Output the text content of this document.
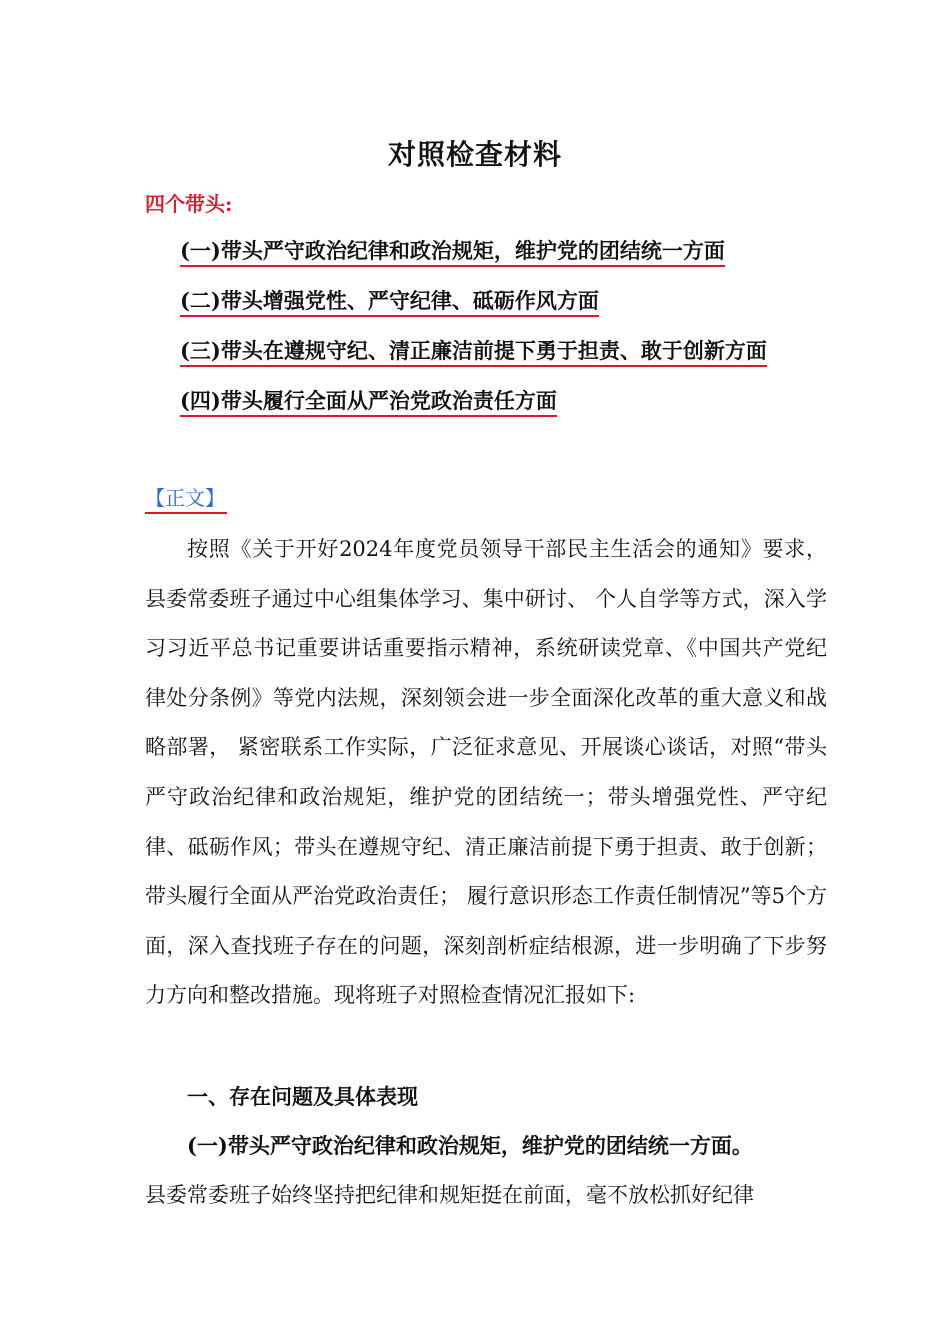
对照检查材料

四个带头:

(一)带头严守政治纪律和政治规矩，维护党的团结统一方面
(二)带头增强党性、严守纪律、砥砺作风方面
(三)带头在遵规守纪、清正廉洁前提下勇于担责、敢于创新方面
(四)带头履行全面从严治党政治责任方面

【正文】

按照《关于开好2024年度党员领导干部民主生活会的通知》要求，县委常委班子通过中心组集体学习、集中研讨、 个人自学等方式，深入学习习近平总书记重要讲话重要指示精神，系统研读党章、《中国共产党纪律处分条例》等党内法规，深刻领会进一步全面深化改革的重大意义和战略部署， 紧密联系工作实际，广泛征求意见、开展谈心谈话，对照“带头严守政治纪律和政治规矩，维护党的团结统一；带头增强党性、严守纪律、砥砺作风；带头在遵规守纪、清正廉洁前提下勇于担责、敢于创新；带头履行全面从严治党政治责任； 履行意识形态工作责任制情况”等5个方面，深入查找班子存在的问题，深刻剖析症结根源，进一步明确了下步努力方向和整改措施。现将班子对照检查情况汇报如下:

一、存在问题及具体表现

(一)带头严守政治纪律和政治规矩，维护党的团结统一方面。

县委常委班子始终坚持把纪律和规矩挺在前面，毫不放松抓好纪律
